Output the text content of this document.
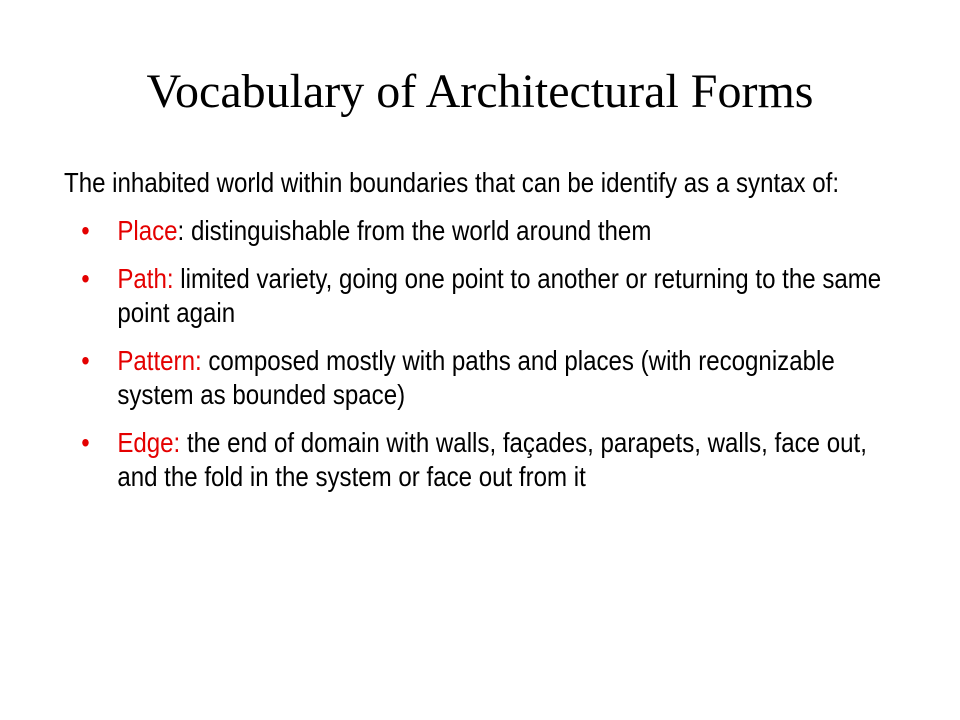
Vocabulary of Architectural Forms

The inhabited world within boundaries that can be identify as a syntax of:

• Place: distinguishable from the world around them
• Path: limited variety, going one point to another or returning to the same point again
• Pattern: composed mostly with paths and places (with recognizable system as bounded space)
• Edge: the end of domain with walls, façades, parapets, walls, face out, and the fold in the system or face out from it
